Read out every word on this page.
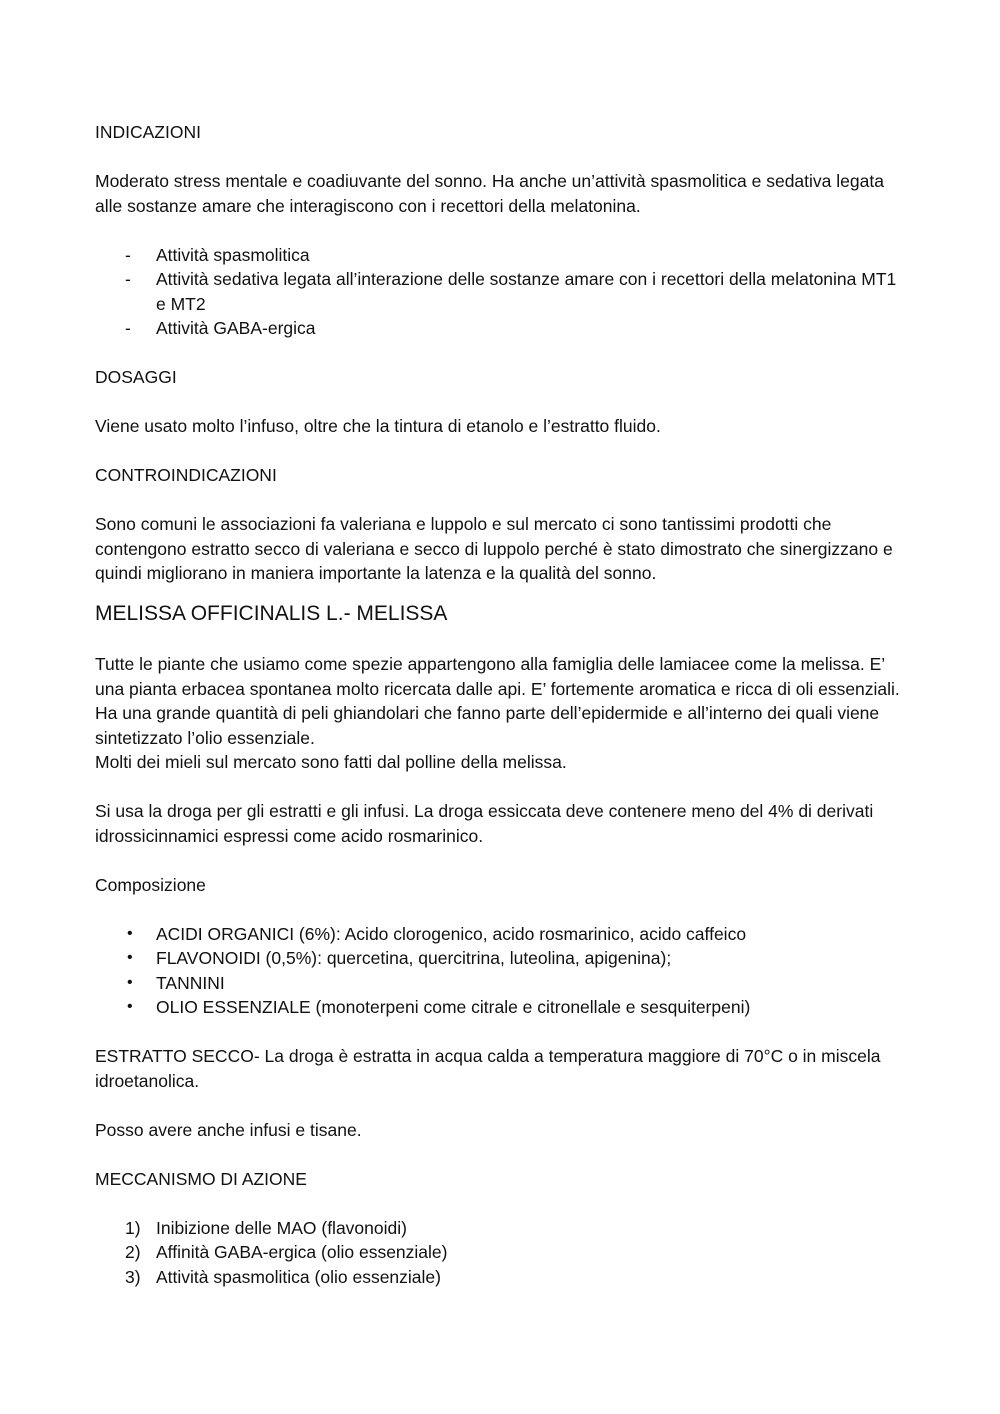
INDICAZIONI

Moderato stress mentale e coadiuvante del sonno. Ha anche un’attività spasmolitica e sedativa legata alle sostanze amare che interagiscono con i recettori della melatonina.

- Attività spasmolitica
- Attività sedativa legata all’interazione delle sostanze amare con i recettori della melatonina MT1 e MT2
- Attività GABA-ergica

DOSAGGI

Viene usato molto l’infuso, oltre che la tintura di etanolo e l’estratto fluido.

CONTROINDICAZIONI

Sono comuni le associazioni fa valeriana e luppolo e sul mercato ci sono tantissimi prodotti che contengono estratto secco di valeriana e secco di luppolo perché è stato dimostrato che sinergizzano e quindi migliorano in maniera importante la latenza e la qualità del sonno.

MELISSA OFFICINALIS L.- MELISSA

Tutte le piante che usiamo come spezie appartengono alla famiglia delle lamiacee come la melissa. E’ una pianta erbacea spontanea molto ricercata dalle api. E’ fortemente aromatica e ricca di oli essenziali. Ha una grande quantità di peli ghiandolari che fanno parte dell’epidermide e all’interno dei quali viene sintetizzato l’olio essenziale.

Molti dei mieli sul mercato sono fatti dal polline della melissa.

Si usa la droga per gli estratti e gli infusi. La droga essiccata deve contenere meno del 4% di derivati idrossicinnamici espressi come acido rosmarinico.

Composizione

• ACIDI ORGANICI (6%): Acido clorogenico, acido rosmarinico, acido caffeico
• FLAVONOIDI (0,5%): quercetina, quercitrina, luteolina, apigenina);
• TANNINI
• OLIO ESSENZIALE (monoterpeni come citrale e citronellale e sesquiterpeni)

ESTRATTO SECCO- La droga è estratta in acqua calda a temperatura maggiore di 70°C o in miscela idroetanolica.

Posso avere anche infusi e tisane.

MECCANISMO DI AZIONE

1) Inibizione delle MAO (flavonoidi)
2) Affinità GABA-ergica (olio essenziale)
3) Attività spasmolitica (olio essenziale)
